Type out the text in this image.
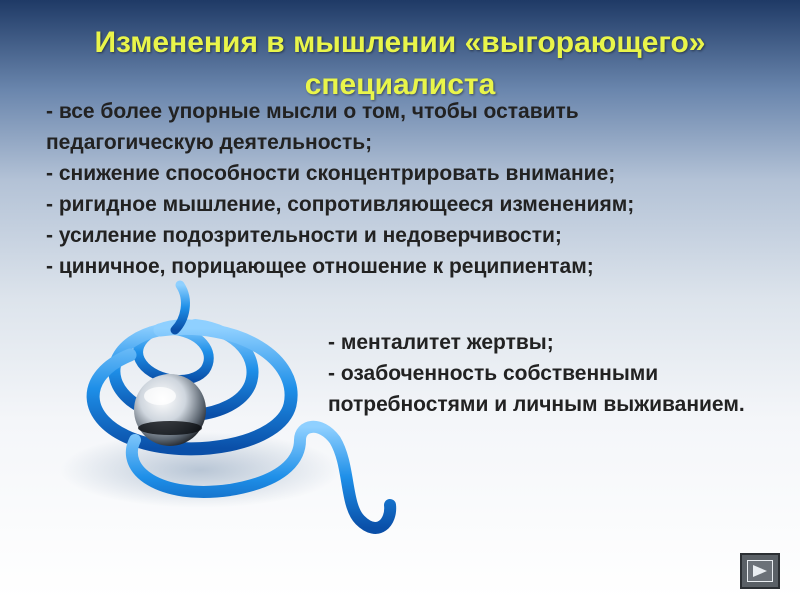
Изменения в мышлении «выгорающего» специалиста
- все более упорные мысли о том, чтобы оставить педагогическую деятельность;
- снижение способности сконцентрировать внимание;
- ригидное мышление, сопротивляющееся изменениям;
- усиление подозрительности и недоверчивости;
- циничное, порицающее отношение к реципиентам;
- менталитет жертвы;
- озабоченность собственными потребностями и личным выживанием.
